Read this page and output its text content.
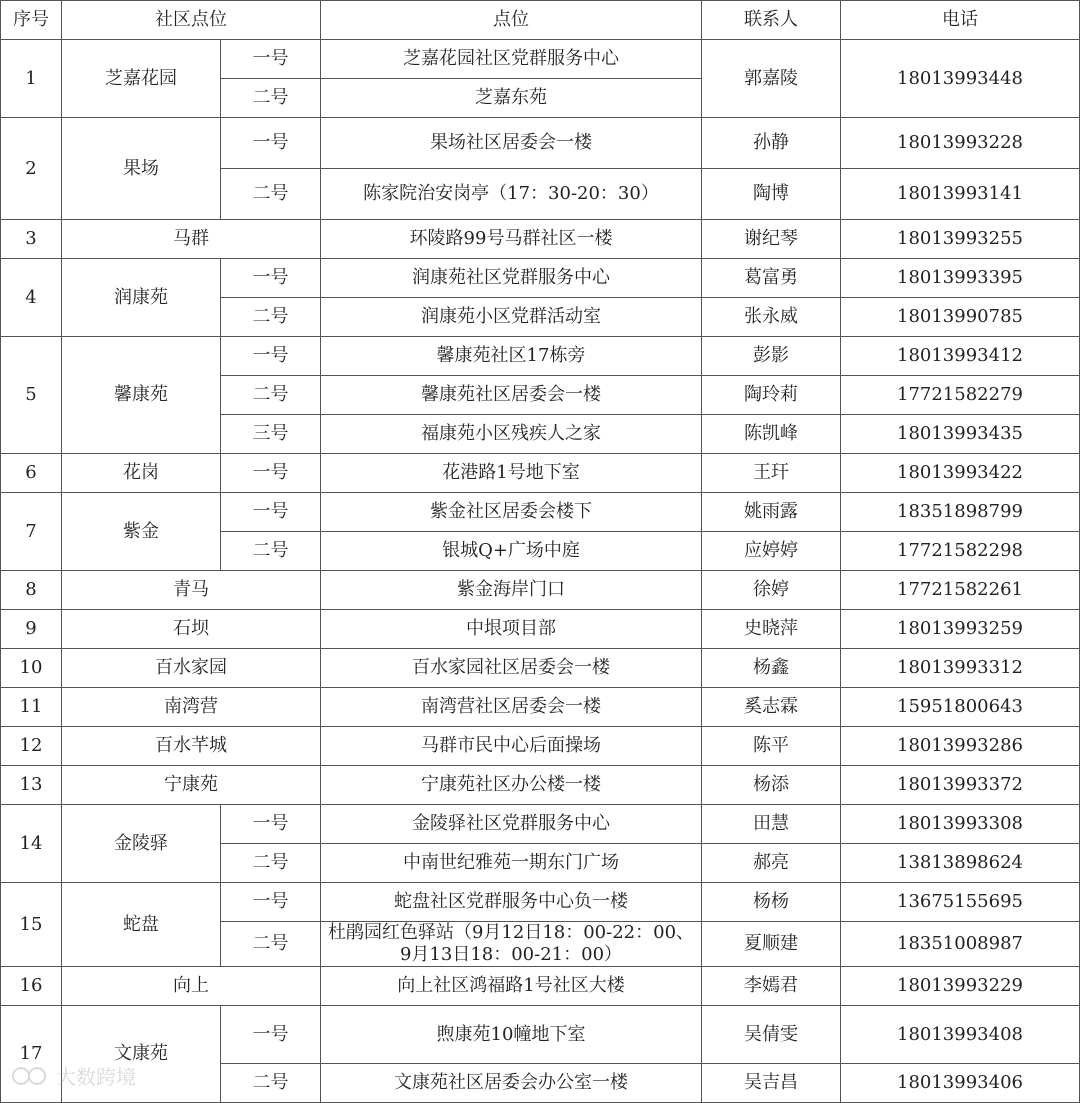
序号	社区点位		点位	联系人	电话
1	芝嘉花园	一号	芝嘉花园社区党群服务中心	郭嘉陵	18013993448
		二号	芝嘉东苑		
2	果场	一号	果场社区居委会一楼	孙静	18013993228
		二号	陈家院治安岗亭（17：30-20：30）	陶博	18013993141
3	马群		环陵路99号马群社区一楼	谢纪琴	18013993255
4	润康苑	一号	润康苑社区党群服务中心	葛富勇	18013993395
		二号	润康苑小区党群活动室	张永威	18013990785
5	馨康苑	一号	馨康苑社区17栋旁	彭影	18013993412
		二号	馨康苑社区居委会一楼	陶玲莉	17721582279
		三号	福康苑小区残疾人之家	陈凯峰	18013993435
6	花岗	一号	花港路1号地下室	王玕	18013993422
7	紫金	一号	紫金社区居委会楼下	姚雨露	18351898799
		二号	银城Q+广场中庭	应婷婷	17721582298
8	青马		紫金海岸门口	徐婷	17721582261
9	石坝		中垠项目部	史晓萍	18013993259
10	百水家园		百水家园社区居委会一楼	杨鑫	18013993312
11	南湾营		南湾营社区居委会一楼	奚志霖	15951800643
12	百水芊城		马群市民中心后面操场	陈平	18013993286
13	宁康苑		宁康苑社区办公楼一楼	杨添	18013993372
14	金陵驿	一号	金陵驿社区党群服务中心	田慧	18013993308
		二号	中南世纪雅苑一期东门广场	郝亮	13813898624
15	蛇盘	一号	蛇盘社区党群服务中心负一楼	杨杨	13675155695
		二号	杜鹃园红色驿站（9月12日18：00-22：00、9月13日18：00-21：00）	夏顺建	18351008987
16	向上		向上社区鸿福路1号社区大楼	李嫣君	18013993229
17	文康苑	一号	煦康苑10幢地下室	吴倩雯	18013993408
		二号	文康苑社区居委会办公室一楼	吴吉昌	18013993406
大数跨境
